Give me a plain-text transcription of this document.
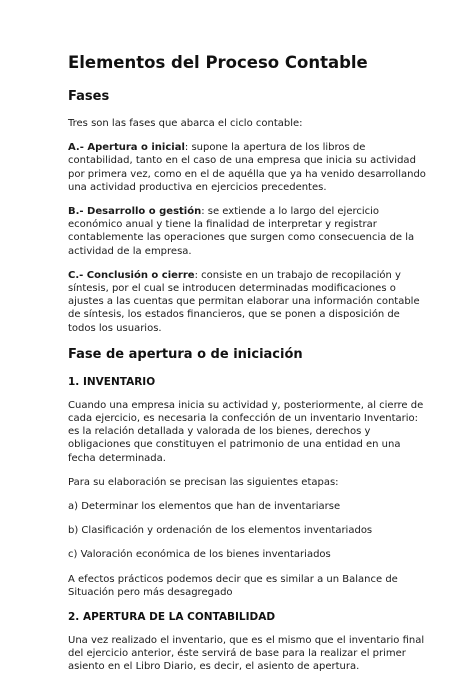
Elementos del Proceso Contable
Fases

Tres son las fases que abarca el ciclo contable:

A.- Apertura o inicial: supone la apertura de los libros de contabilidad, tanto en el caso de una empresa que inicia su actividad por primera vez, como en el de aquélla que ya ha venido desarrollando una actividad productiva en ejercicios precedentes.

B.- Desarrollo o gestión: se extiende a lo largo del ejercicio económico anual y tiene la finalidad de interpretar y registrar contablemente las operaciones que surgen como consecuencia de la actividad de la empresa.

C.- Conclusión o cierre: consiste en un trabajo de recopilación y síntesis, por el cual se introducen determinadas modificaciones o ajustes a las cuentas que permitan elaborar una información contable de síntesis, los estados financieros, que se ponen a disposición de todos los usuarios.

Fase de apertura o de iniciación
1. INVENTARIO

Cuando una empresa inicia su actividad y, posteriormente, al cierre de cada ejercicio, es necesaria la confección de un inventario Inventario: es la relación detallada y valorada de los bienes, derechos y obligaciones que constituyen el patrimonio de una entidad en una fecha determinada.

Para su elaboración se precisan las siguientes etapas:

a) Determinar los elementos que han de inventariarse

b) Clasificación y ordenación de los elementos inventariados

c) Valoración económica de los bienes inventariados

A efectos prácticos podemos decir que es similar a un Balance de Situación pero más desagregado

2. APERTURA DE LA CONTABILIDAD

Una vez realizado el inventario, que es el mismo que el inventario final del ejercicio anterior, éste servirá de base para la realizar el primer asiento en el Libro Diario, es decir, el asiento de apertura.
